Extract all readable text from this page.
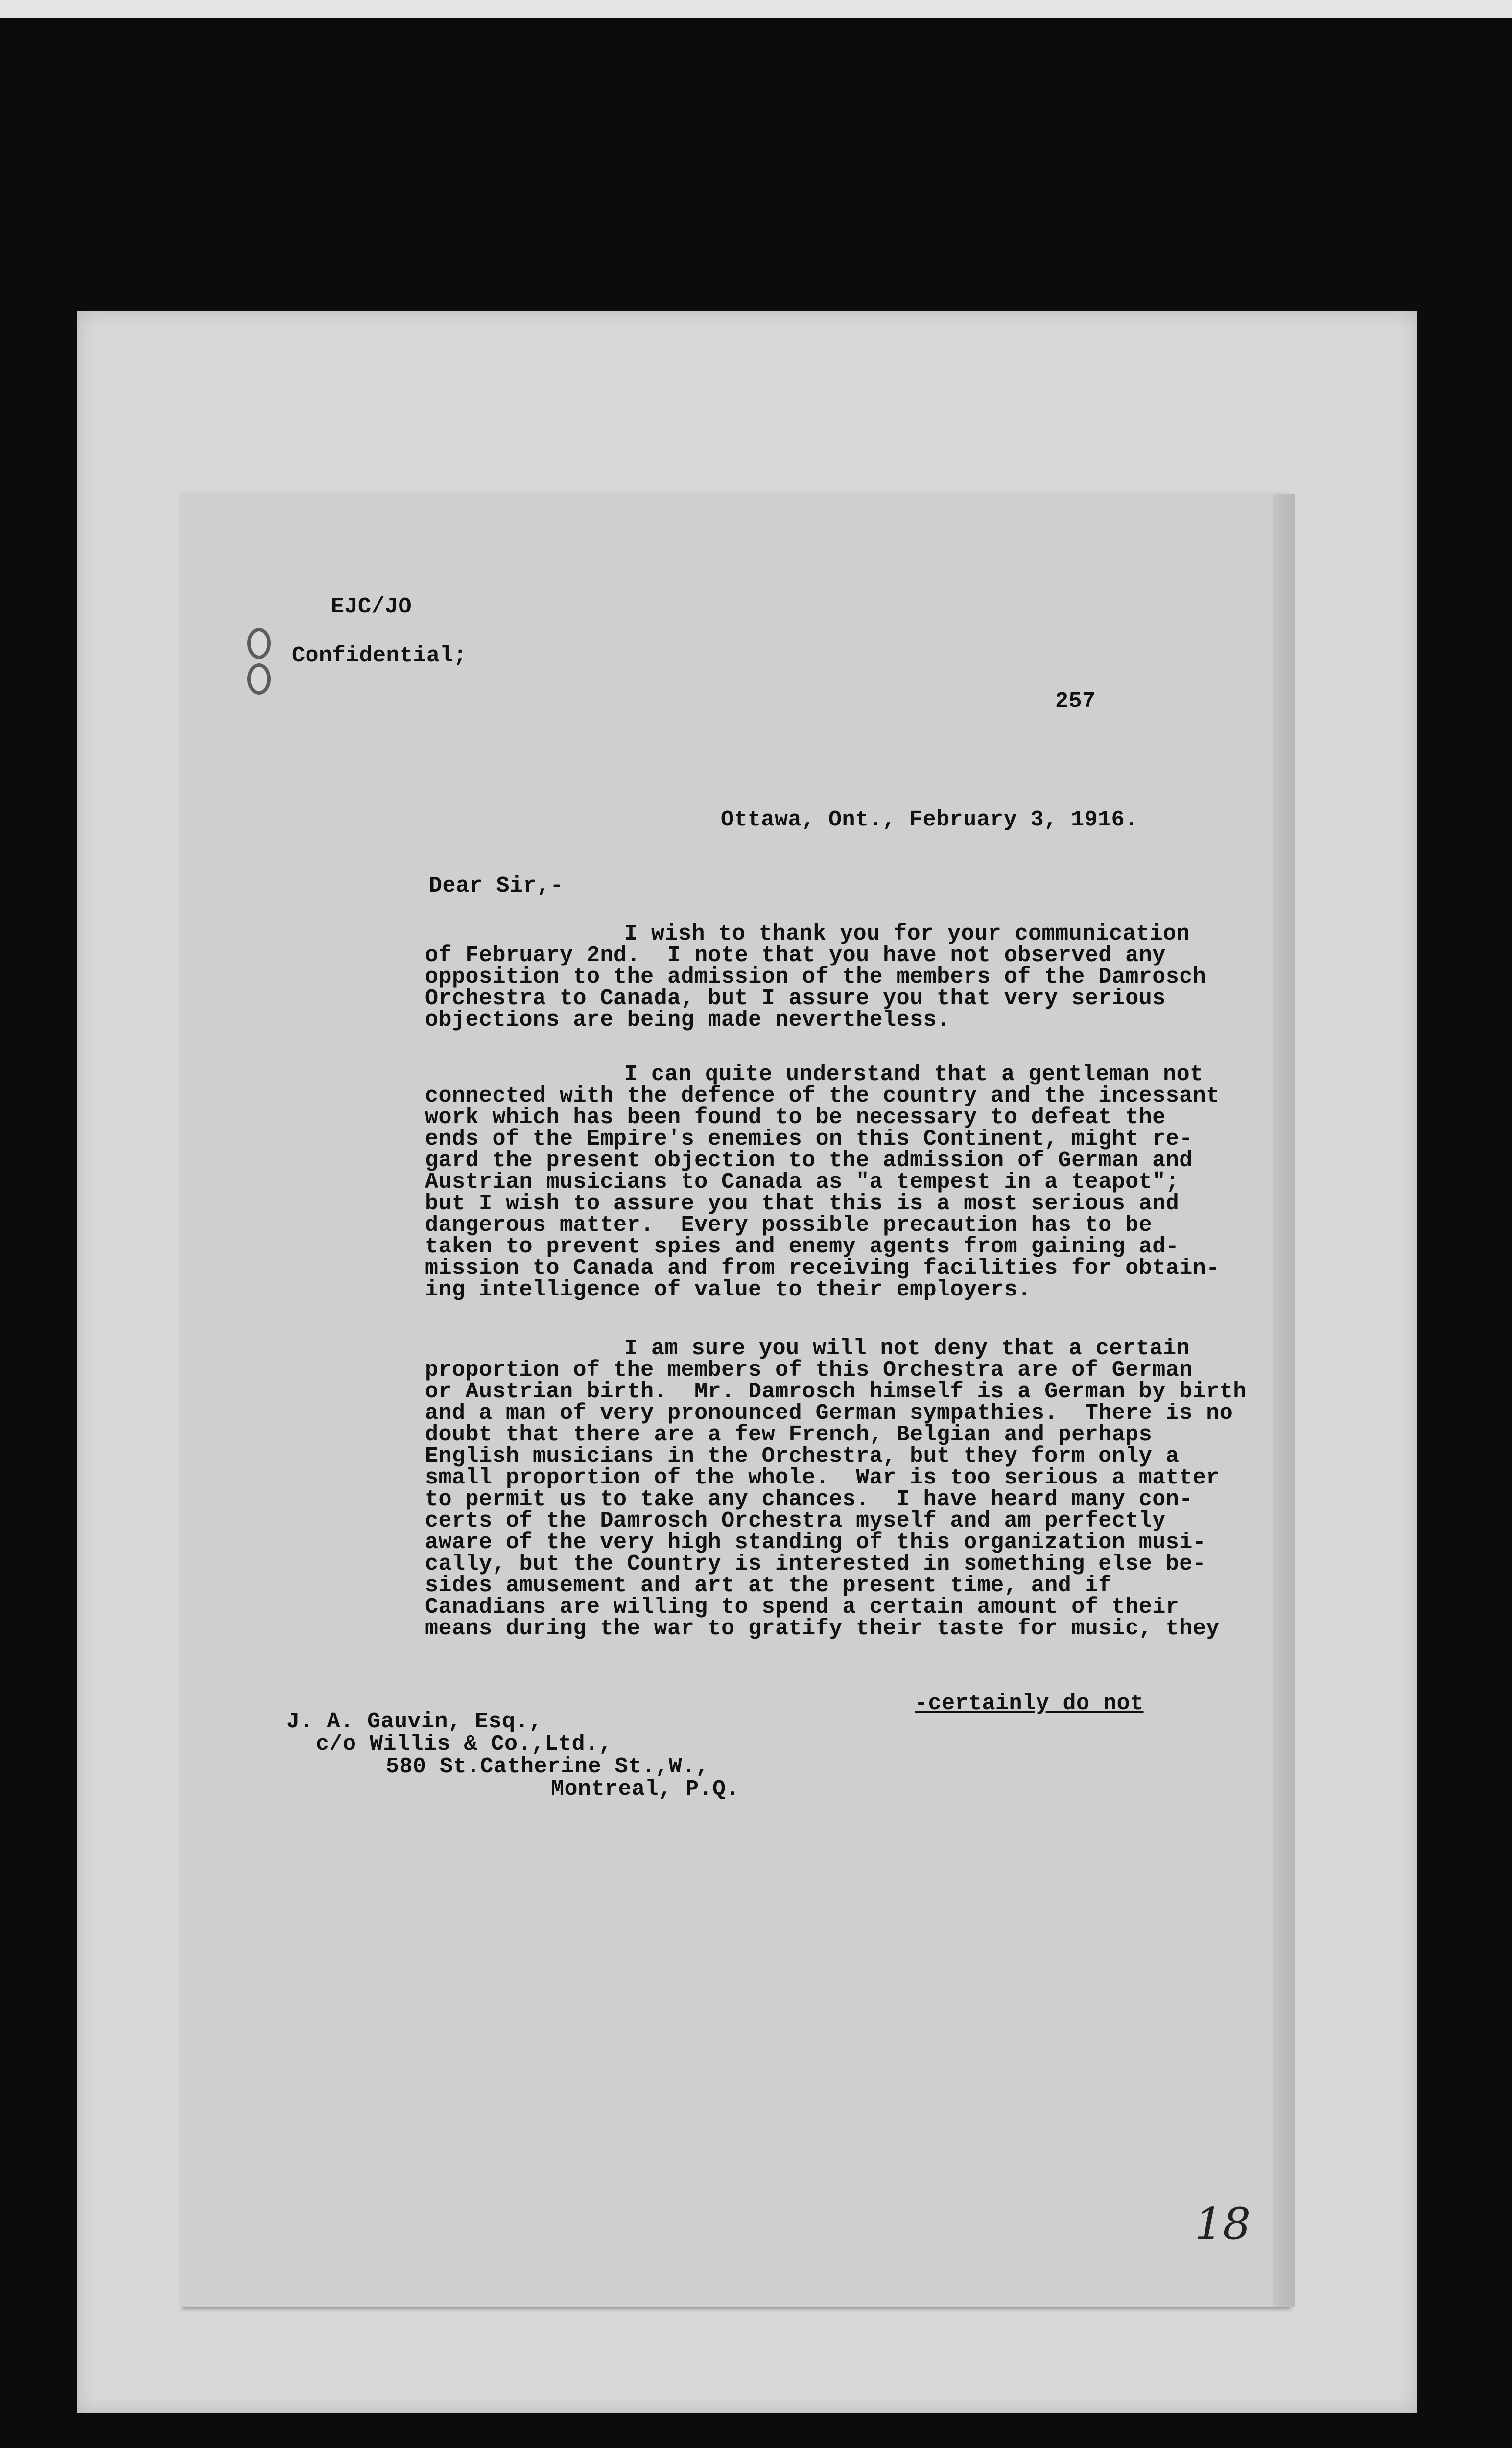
EJC/JO
Confidential;
257
Ottawa, Ont., February 3, 1916.
Dear Sir,-
I wish to thank you for your communication
of February 2nd.  I note that you have not observed any
opposition to the admission of the members of the Damrosch
Orchestra to Canada, but I assure you that very serious
objections are being made nevertheless.
I can quite understand that a gentleman not
connected with the defence of the country and the incessant
work which has been found to be necessary to defeat the
ends of the Empire's enemies on this Continent, might re-
gard the present objection to the admission of German and
Austrian musicians to Canada as "a tempest in a teapot";
but I wish to assure you that this is a most serious and
dangerous matter.  Every possible precaution has to be
taken to prevent spies and enemy agents from gaining ad-
mission to Canada and from receiving facilities for obtain-
ing intelligence of value to their employers.
I am sure you will not deny that a certain
proportion of the members of this Orchestra are of German
or Austrian birth.  Mr. Damrosch himself is a German by birth
and a man of very pronounced German sympathies.  There is no
doubt that there are a few French, Belgian and perhaps
English musicians in the Orchestra, but they form only a
small proportion of the whole.  War is too serious a matter
to permit us to take any chances.  I have heard many con-
certs of the Damrosch Orchestra myself and am perfectly
aware of the very high standing of this organization musi-
cally, but the Country is interested in something else be-
sides amusement and art at the present time, and if
Canadians are willing to spend a certain amount of their
means during the war to gratify their taste for music, they
-certainly do not
J. A. Gauvin, Esq.,
c/o Willis & Co.,Ltd.,
580 St.Catherine St.,W.,
Montreal, P.Q.
18
